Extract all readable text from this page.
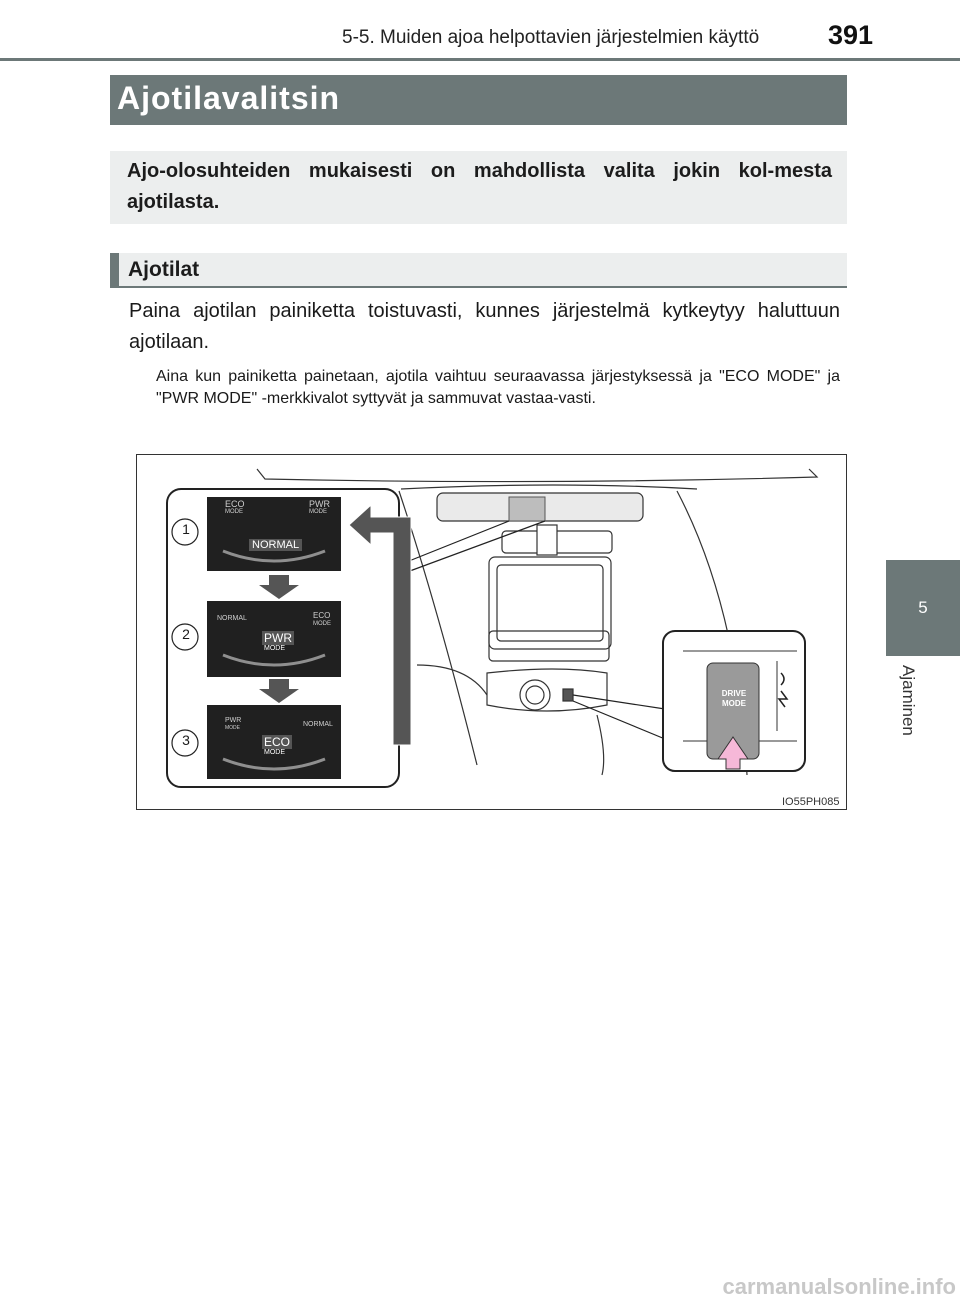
5-5. Muiden ajoa helpottavien järjestelmien käyttö	391
5
Ajaminen
Ajotilavalitsin
Ajo-olosuhteiden mukaisesti on mahdollista valita jokin kol-mesta ajotilasta.
Ajotilat
Paina ajotilan painiketta toistuvasti, kunnes järjestelmä kytkeytyy haluttuun ajotilaan.
Aina kun painiketta painetaan, ajotila vaihtuu seuraavassa järjestyksessä ja "ECO MODE" ja "PWR MODE" -merkkivalot syttyvät ja sammuvat vastaa-vasti.
1
2
3
ECO
MODE
PWR
MODE
NORMAL
NORMAL	ECO
MODE
PWR
MODE
PWR
MODE	NORMAL
ECO
MODE
DRIVE
MODE
IO55PH085
carmanualsonline.info
